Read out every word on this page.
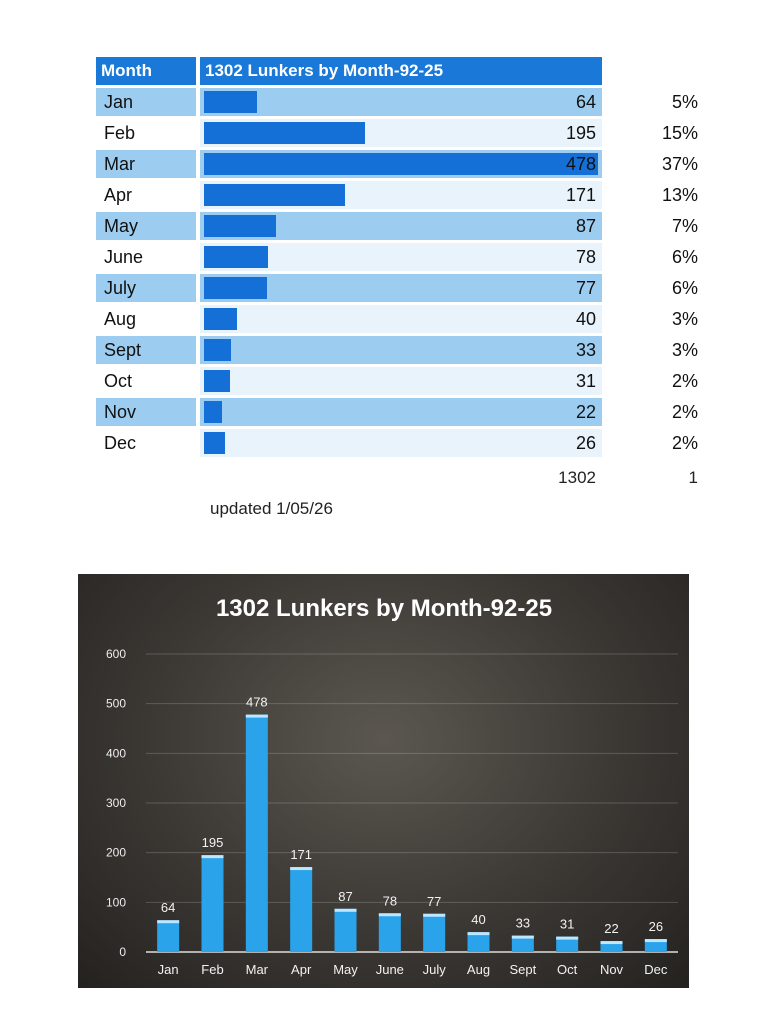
Month	1302 Lunkers by Month-92-25
Jan	64	5%
Feb	195	15%
Mar	478	37%
Apr	171	13%
May	87	7%
June	78	6%
July	77	6%
Aug	40	3%
Sept	33	3%
Oct	31	2%
Nov	22	2%
Dec	26	2%
1302	1
updated 1/05/26
1302 Lunkers by Month-92-25
0
100
200
300
400
500
600
64
Jan
195
Feb
478
Mar
171
Apr
87
May
78
June
77
July
40
Aug
33
Sept
31
Oct
22
Nov
26
Dec
